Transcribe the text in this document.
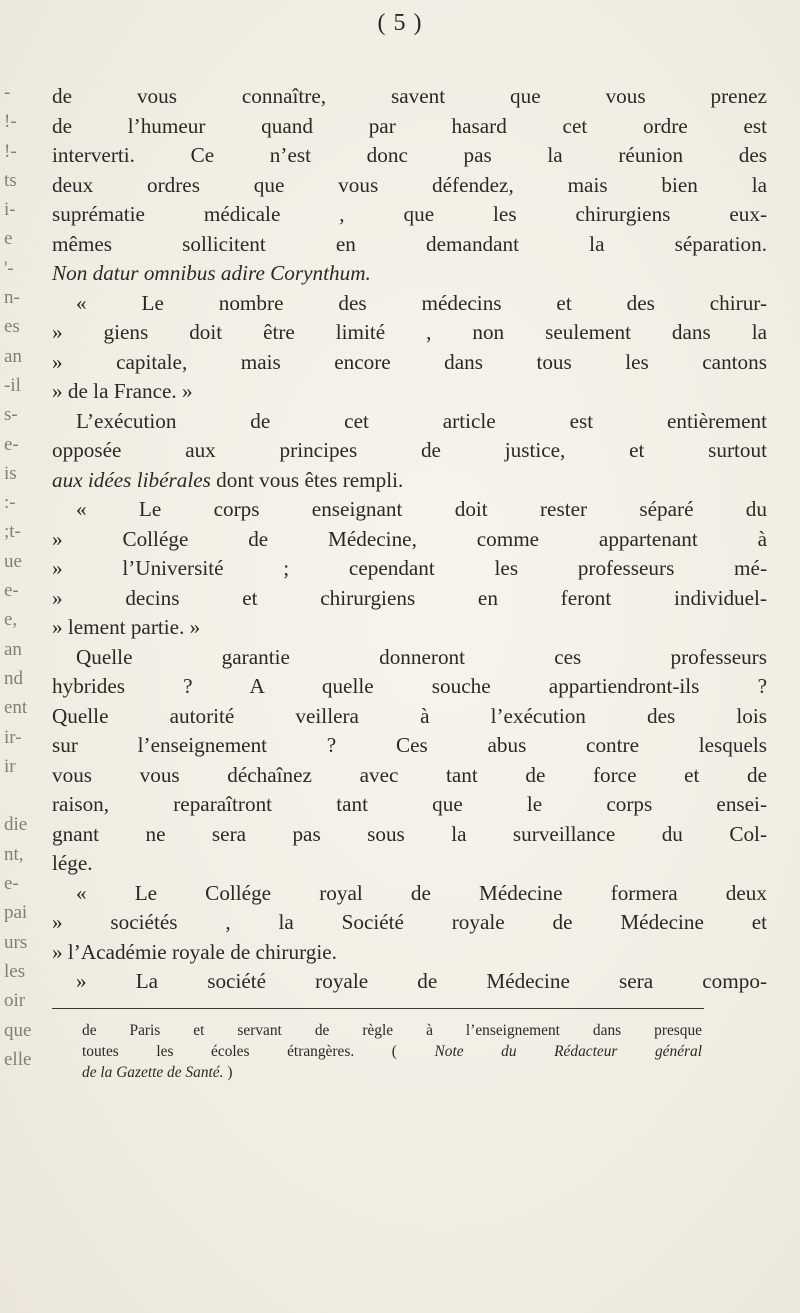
-
!-
!-
ts
i-
e
'-
n-
es
an
-il
s-
e-
is
:-
;t-
ue
e-
e,
an
nd
ent
ir-
ir
die
nt,
e-
pai
urs
les
oir
que
elle
( 5 )
de vous connaître, savent que vous prenez
de l’humeur quand par hasard cet ordre est
interverti. Ce n’est donc pas la réunion des
deux ordres que vous défendez, mais bien la
suprématie médicale , que les chirurgiens eux-
mêmes sollicitent en demandant la séparation.
Non datur omnibus adire Corynthum.
« Le nombre des médecins et des chirur-
» giens doit être limité , non seulement dans la
» capitale, mais encore dans tous les cantons
» de la France. »
L’exécution de cet article est entièrement
opposée aux principes de justice, et surtout
aux idées libérales dont vous êtes rempli.
« Le corps enseignant doit rester séparé du
» Collége de Médecine, comme appartenant à
» l’Université ; cependant les professeurs mé-
» decins et chirurgiens en feront individuel-
» lement partie. »
Quelle garantie donneront ces professeurs
hybrides ? A quelle souche appartiendront-ils ?
Quelle autorité veillera à l’exécution des lois
sur l’enseignement ? Ces abus contre lesquels
vous vous déchaînez avec tant de force et de
raison, reparaîtront tant que le corps ensei-
gnant ne sera pas sous la surveillance du Col-
lége.
« Le Collége royal de Médecine formera deux
» sociétés , la Société royale de Médecine et
» l’Académie royale de chirurgie.
» La société royale de Médecine sera compo-
de Paris et servant de règle à l’enseignement dans presque
toutes les écoles étrangères. ( Note du Rédacteur général
de la Gazette de Santé. )
